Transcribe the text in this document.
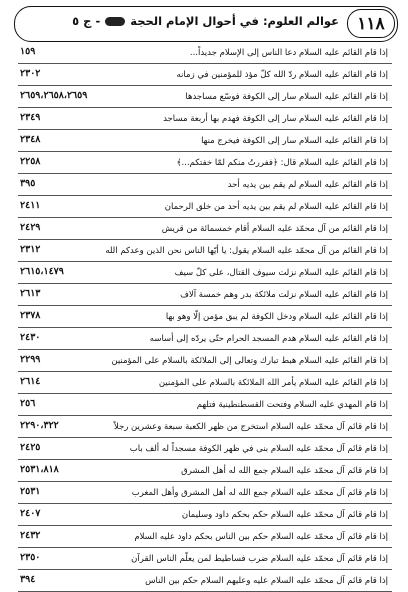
١١٨
عوالم العلوم: في أحوال الإمام الحجة
- ج ٥
إذا قام القائم عليه السلام دعا الناس إلى الإسلام جديداً...
١٥٩
إذا قام القائم عليه السلام ردّ الله كلّ مؤذ للمؤمنين في زمانه
٢٣٠٢
إذا قام القائم عليه السلام سار إلى الكوفة فوسّع مساجدها
٢٦٥٩،٢٦٥٨،٢٦٥٩
إذا قام القائم عليه السلام سار إلى الكوفة فهدم بها أربعة مساجد
٢٣٤٩
إذا قام القائم عليه السلام سار إلى الكوفة فيخرج منها
٢٣٤٨
إذا قام القائم عليه السلام قال: ﴿ففررتُ منكم لمّا خفتكم...﴾
٢٢٥٨
إذا قام القائم عليه السلام لم يقم بين يديه أحد
٣٩٥
إذا قام القائم عليه السلام لم يقم بين يديه أحد من خلق الرحمان
٢٤١١
إذا قام القائم من آل محمّد عليه السلام أقام خمسمائة من قريش
٢٤٢٩
إذا قام القائم من آل محمّد عليه السلام يقول: يا أيّها الناس نحن الذين وعدكم الله
٢٣١٢
إذا قام القائم عليه السلام نزلت سيوف القتال، على كلّ سيف
٢٦١٥،١٤٧٩
إذا قام القائم عليه السلام نزلت ملائكة بدر وهم خمسة آلاف
٢٦١٣
إذا قام القائم عليه السلام ودخل الكوفة لم يبق مؤمن إلّا وهو بها
٢٣٧٨
إذا قام القائم عليه السلام هدم المسجد الحرام حتّى يردّه إلى أساسه
٢٤٣٠
إذا قام القائم عليه السلام هبط تبارك وتعالى إلى الملائكة بالسلام على المؤمنين
٢٢٩٩
إذا قام القائم عليه السلام يأمر الله الملائكة بالسلام على المؤمنين
٢٦١٤
إذا قام المهدي عليه السلام وفتحت القسطنطينية فتلهم
٢٥٦
إذا قام قائم آل محمّد عليه السلام استخرج من ظهر الكعبة سبعة وعشرين رجلاً
٢٢٩٠،٣٢٢
إذا قام قائم آل محمّد عليه السلام بنى في ظهر الكوفة مسجداً له ألف باب
٢٤٢٥
إذا قام قائم آل محمّد عليه السلام جمع الله له أهل المشرق
٢٥٣١،٨١٨
إذا قام قائم آل محمّد عليه السلام جمع الله له أهل المشرق وأهل المغرب
٢٥٣١
إذا قام قائم آل محمّد عليه السلام حكم بحكم داود وسليمان
٢٤٠٧
إذا قام قائم آل محمّد عليه السلام حكم بين الناس بحكم داود عليه السلام
٢٤٣٢
إذا قام قائم آل محمّد عليه السلام ضرب فساطيط لمن يعلّم الناس القرآن
٢٣٥٠
إذا قام قائم آل محمّد عليه السلام عليه وعليهم السلام حكم بين الناس
٣٩٤
